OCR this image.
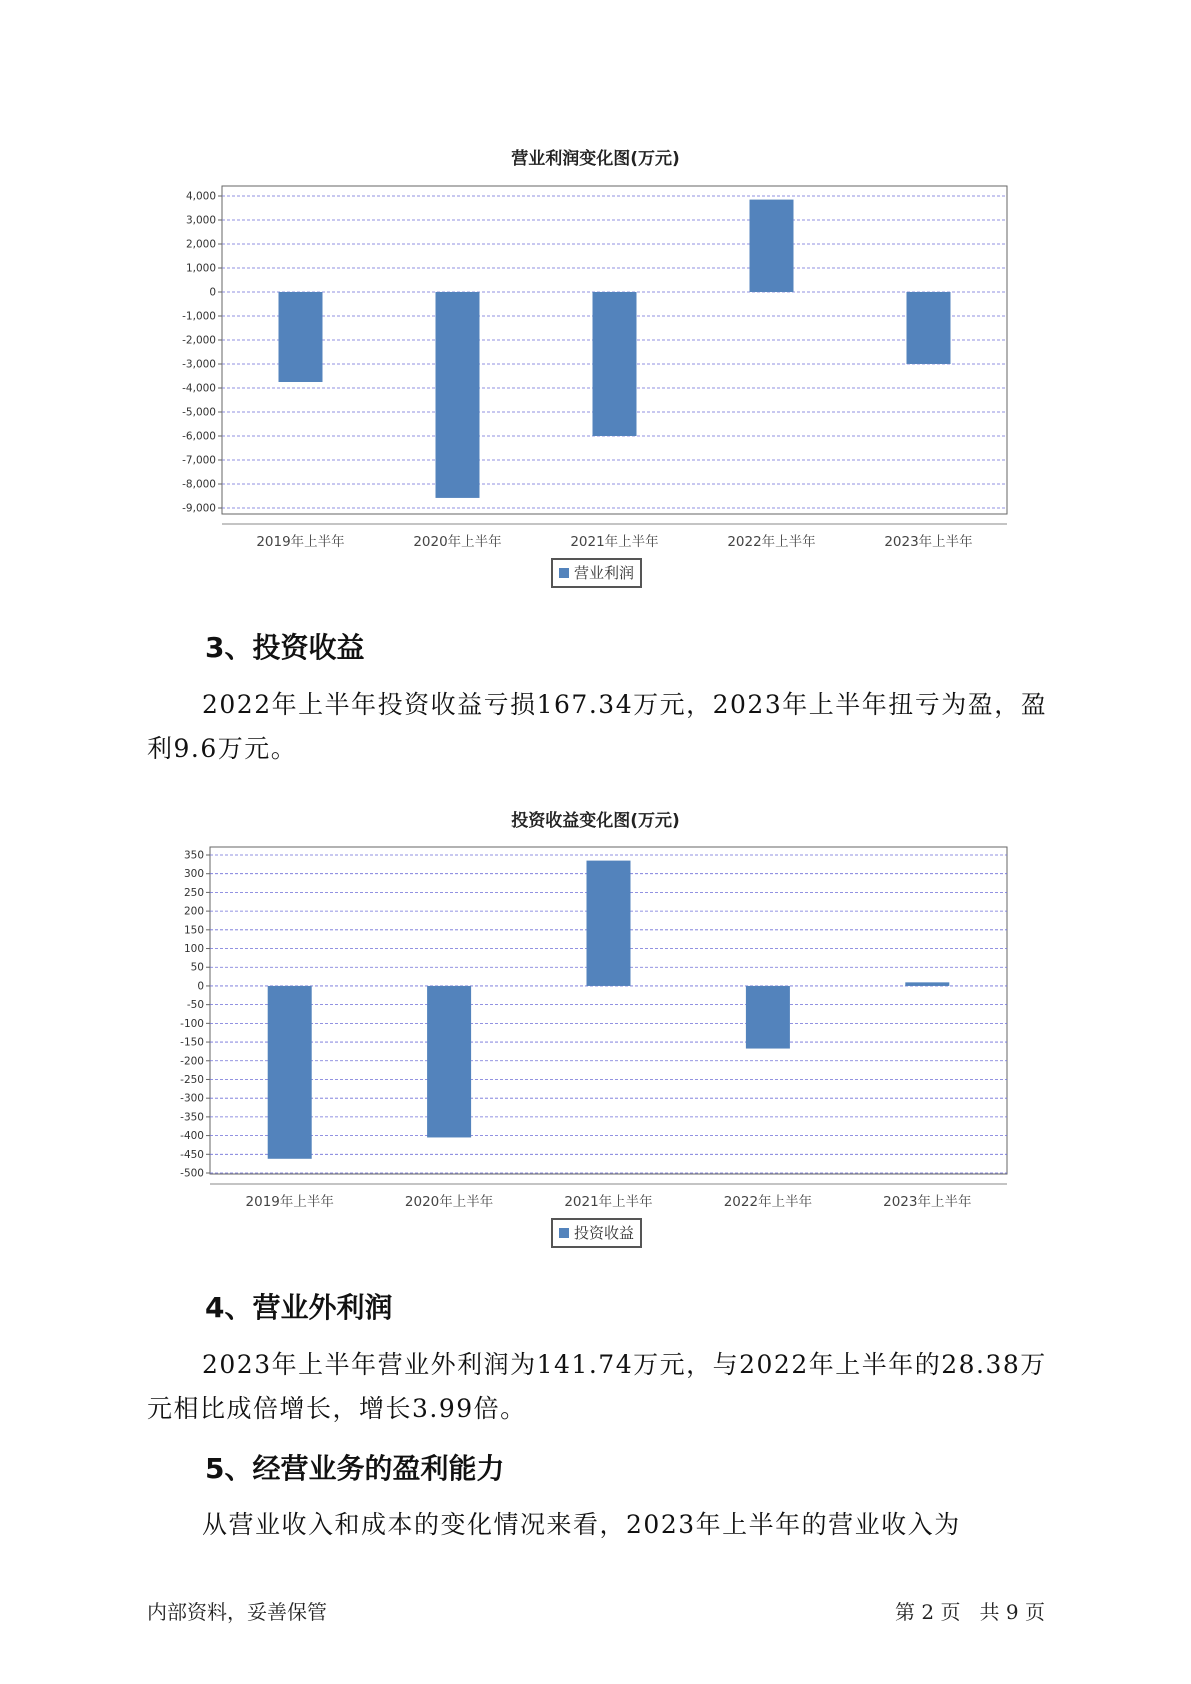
营业利润变化图(万元)
4,000
3,000
2,000
1,000
0
-1,000
-2,000
-3,000
-4,000
-5,000
-6,000
-7,000
-8,000
-9,000
2019年上半年	2020年上半年	2021年上半年	2022年上半年	2023年上半年
营业利润
3、投资收益

2022年上半年投资收益亏损167.34万元，2023年上半年扭亏为盈，盈利9.6万元。

投资收益变化图(万元)
350
300
250
200
150
100
50
0
-50
-100
-150
-200
-250
-300
-350
-400
-450
-500
2019年上半年	2020年上半年	2021年上半年	2022年上半年	2023年上半年
投资收益
4、营业外利润

2023年上半年营业外利润为141.74万元，与2022年上半年的28.38万元相比成倍增长，增长3.99倍。

5、经营业务的盈利能力

从营业收入和成本的变化情况来看，2023年上半年的营业收入为

内部资料，妥善保管	第 2 页   共 9 页
